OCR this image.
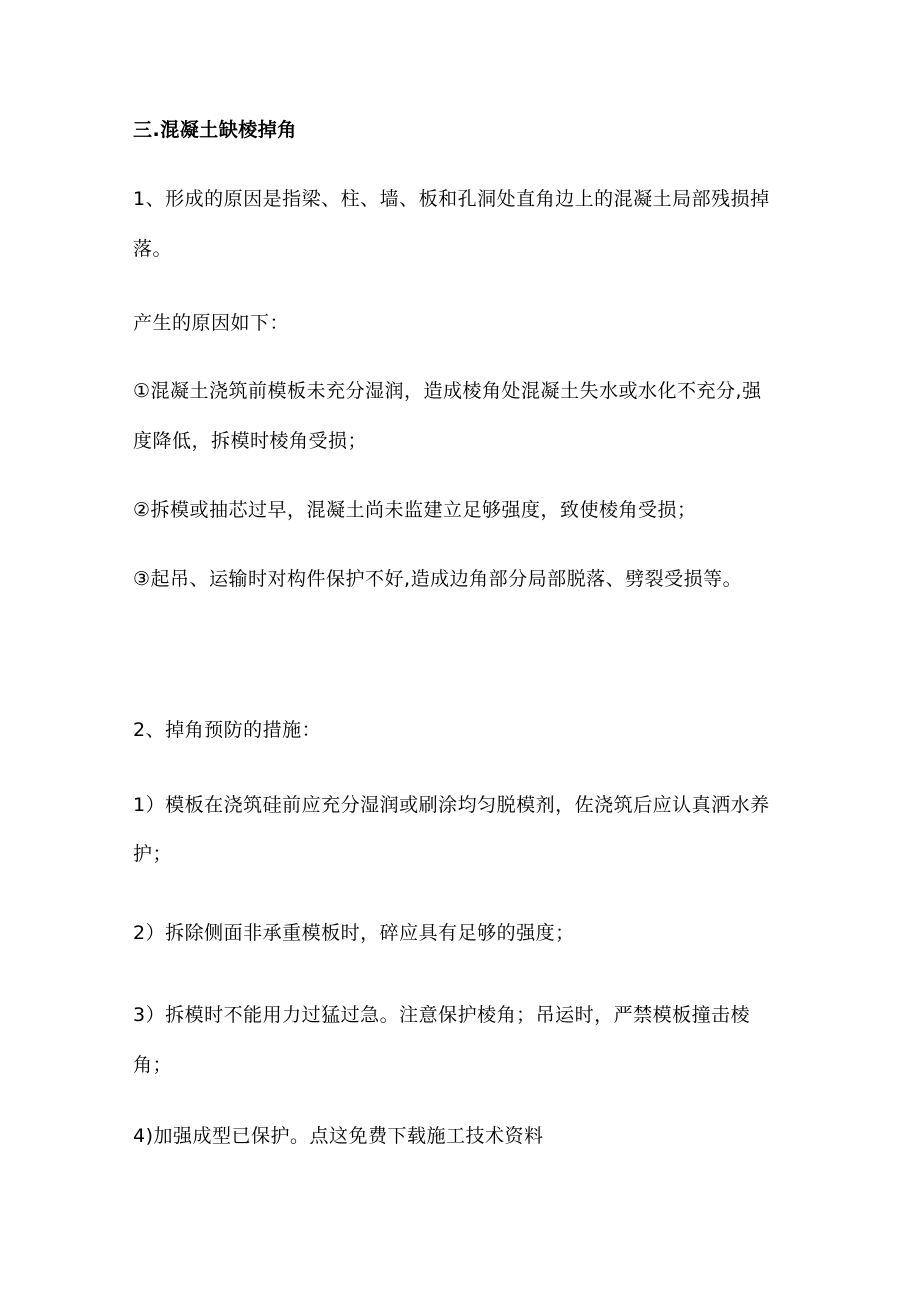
三.混凝土缺棱掉角
1、形成的原因是指梁、柱、墙、板和孔洞处直角边上的混凝土局部残损掉
落。
产生的原因如下：
①混凝土浇筑前模板未充分湿润，造成棱角处混凝土失水或水化不充分,强
度降低，拆模时棱角受损；
②拆模或抽芯过早，混凝土尚未监建立足够强度，致使棱角受损；
③起吊、运输时对构件保护不好,造成边角部分局部脱落、劈裂受损等。
2、掉角预防的措施：
1）模板在浇筑硅前应充分湿润或刷涂均匀脱模剂，佐浇筑后应认真洒水养
护；
2）拆除侧面非承重模板时，碎应具有足够的强度；
3）拆模时不能用力过猛过急。注意保护棱角；吊运时，严禁模板撞击棱
角；
4)加强成型已保护。点这免费下载施工技术资料
